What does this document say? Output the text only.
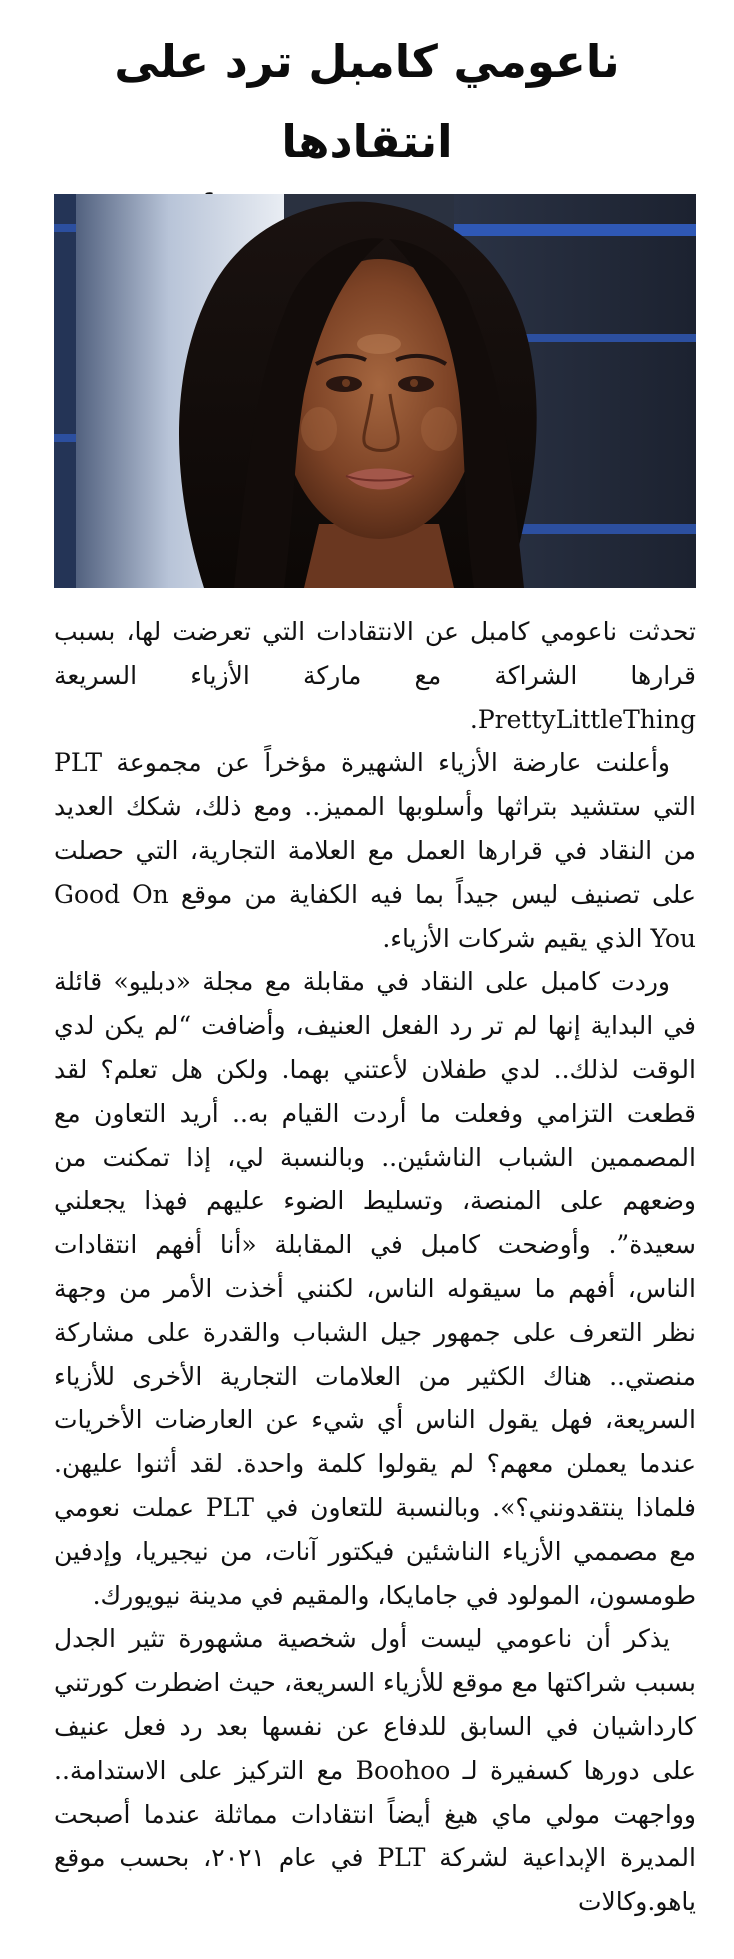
ناعومي كامبل ترد على انتقادها

تحدثت ناعومي كامبل عن الانتقادات التي تعرضت لها، بسبب قرارها الشراكة مع ماركة الأزياء السريعة PrettyLittleThing.

وأعلنت عارضة الأزياء الشهيرة مؤخراً عن مجموعة PLT التي ستشيد بتراثها وأسلوبها المميز.. ومع ذلك، شكك العديد من النقاد في قرارها العمل مع العلامة التجارية، التي حصلت على تصنيف ليس جيداً بما فيه الكفاية من موقع Good On You الذي يقيم شركات الأزياء.

وردت كامبل على النقاد في مقابلة مع مجلة «دبليو» قائلة في البداية إنها لم تر رد الفعل العنيف، وأضافت “لم يكن لدي الوقت لذلك.. لدي طفلان لأعتني بهما. ولكن هل تعلم؟ لقد قطعت التزامي وفعلت ما أردت القيام به.. أريد التعاون مع المصممين الشباب الناشئين.. وبالنسبة لي، إذا تمكنت من وضعهم على المنصة، وتسليط الضوء عليهم فهذا يجعلني سعيدة”. وأوضحت كامبل في المقابلة «أنا أفهم انتقادات الناس، أفهم ما سيقوله الناس، لكنني أخذت الأمر من وجهة نظر التعرف على جمهور جيل الشباب والقدرة على مشاركة منصتي.. هناك الكثير من العلامات التجارية الأخرى للأزياء السريعة، فهل يقول الناس أي شيء عن العارضات الأخريات عندما يعملن معهم؟ لم يقولوا كلمة واحدة. لقد أثنوا عليهن. فلماذا ينتقدونني؟». وبالنسبة للتعاون في PLT عملت نعومي مع مصممي الأزياء الناشئين فيكتور آنات، من نيجيريا، وإدفين طومسون، المولود في جامايكا، والمقيم في مدينة نيويورك.

يذكر أن ناعومي ليست أول شخصية مشهورة تثير الجدل بسبب شراكتها مع موقع للأزياء السريعة، حيث اضطرت كورتني كارداشيان في السابق للدفاع عن نفسها بعد رد فعل عنيف على دورها كسفيرة لـ Boohoo مع التركيز على الاستدامة.. وواجهت مولي ماي هيغ أيضاً انتقادات مماثلة عندما أصبحت المديرة الإبداعية لشركة PLT في عام ٢٠٢١، بحسب موقع ياهو.وكالات
